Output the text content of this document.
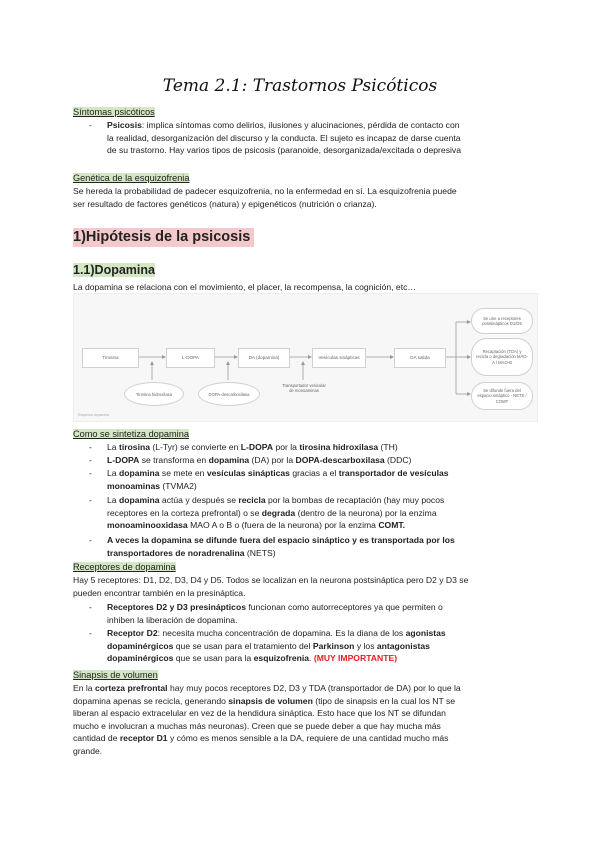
Tema 2.1: Trastornos Psicóticos
Síntomas psicóticos
- Psicosis: implica síntomas como delirios, ilusiones y alucinaciones, pérdida de contacto con
la realidad, desorganización del discurso y la conducta. El sujeto es incapaz de darse cuenta
de su trastorno. Hay varios tipos de psicosis (paranoide, desorganizada/excitada o depresiva
Genética de la esquizofrenia
Se hereda la probabilidad de padecer esquizofrenia, no la enfermedad en sí. La esquizofrenia puede
ser resultado de factores genéticos (natura) y epigenéticos (nutrición o crianza).
1)Hipótesis de la psicosis
1.1)Dopamina
La dopamina se relaciona con el movimiento, el placer, la recompensa, la cognición, etc…
Tirosina	L-DOPA	DA (dopamina)	Vesículas sinápticas	DA salida
Tirosina hidroxilasa	DOPA-descarboxilasa
Transportador vesicular de monoaminas
Se une a receptores postsinápticos D1/D5
Recaptación (TDA) y recicla o degradación MAO-A / MAO-B
Se difunde fuera del espacio sináptico - NETS / COMT
Esquema dopamina
Como se sintetiza dopamina
- La tirosina (L-Tyr) se convierte en L-DOPA por la tirosina hidroxilasa (TH)
- L-DOPA se transforma en dopamina (DA) por la DOPA-descarboxilasa (DDC)
- La dopamina se mete en vesículas sinápticas gracias a el transportador de vesículas
monoaminas (TVMA2)
- La dopamina actúa y después se recicla por la bombas de recaptación (hay muy pocos
receptores en la corteza prefrontal) o se degrada (dentro de la neurona) por la enzima
monoaminooxidasa MAO A o B o (fuera de la neurona) por la enzima COMT.
- A veces la dopamina se difunde fuera del espacio sináptico y es transportada por los
transportadores de noradrenalina (NETS)
Receptores de dopamina
Hay 5 receptores: D1, D2, D3, D4 y D5. Todos se localizan en la neurona postsináptica pero D2 y D3 se
pueden encontrar también en la presináptica.
- Receptores D2 y D3 presinápticos funcionan como autorreceptores ya que permiten o
inhiben la liberación de dopamina.
- Receptor D2: necesita mucha concentración de dopamina. Es la diana de los agonistas
dopaminérgicos que se usan para el tratamiento del Parkinson y los antagonistas
dopaminérgicos que se usan para la esquizofrenia. (MUY IMPORTANTE)
Sinapsis de volumen
En la corteza prefrontal hay muy pocos receptores D2, D3 y TDA (transportador de DA) por lo que la
dopamina apenas se recicla, generando sinapsis de volumen (tipo de sinapsis en la cual los NT se
liberan al espacio extracelular en vez de la hendidura sináptica. Esto hace que los NT se difundan
mucho e involucran a muchas más neuronas). Creen que se puede deber a que hay mucha más
cantidad de receptor D1 y cómo es menos sensible a la DA, requiere de una cantidad mucho más
grande.
